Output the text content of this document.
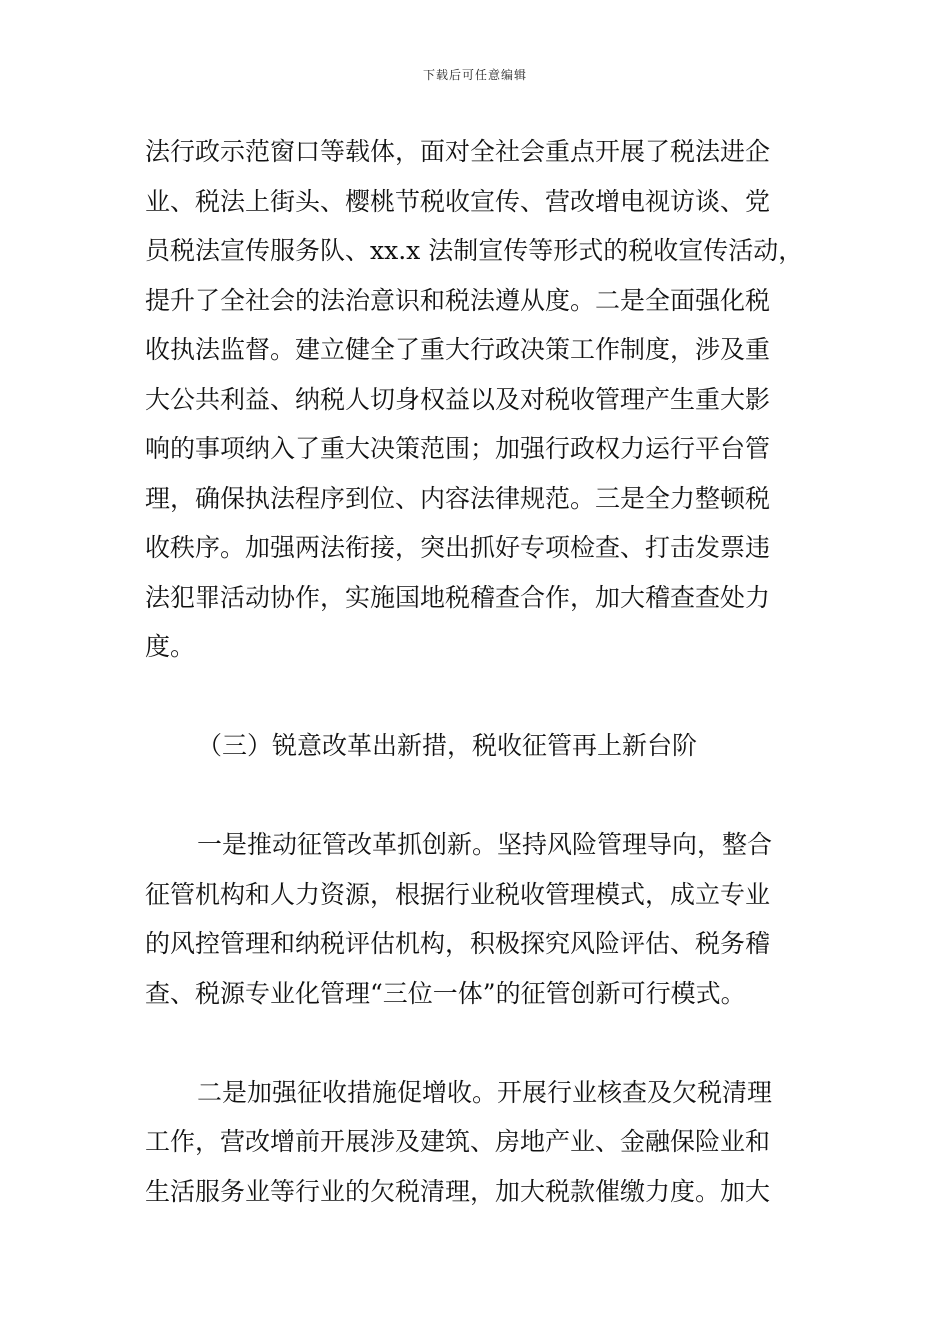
下载后可任意编辑
法行政示范窗口等载体，面对全社会重点开展了税法进企
业、税法上街头、樱桃节税收宣传、营改增电视访谈、党
员税法宣传服务队、xx.x 法制宣传等形式的税收宣传活动，
提升了全社会的法治意识和税法遵从度。二是全面强化税
收执法监督。建立健全了重大行政决策工作制度，涉及重
大公共利益、纳税人切身权益以及对税收管理产生重大影
响的事项纳入了重大决策范围；加强行政权力运行平台管
理，确保执法程序到位、内容法律规范。三是全力整顿税
收秩序。加强两法衔接，突出抓好专项检查、打击发票违
法犯罪活动协作，实施国地税稽查合作，加大稽查查处力
度。
（三）锐意改革出新措，税收征管再上新台阶
一是推动征管改革抓创新。坚持风险管理导向，整合
征管机构和人力资源，根据行业税收管理模式，成立专业
的风控管理和纳税评估机构，积极探究风险评估、税务稽
查、税源专业化管理“三位一体”的征管创新可行模式。
二是加强征收措施促增收。开展行业核查及欠税清理
工作，营改增前开展涉及建筑、房地产业、金融保险业和
生活服务业等行业的欠税清理，加大税款催缴力度。加大
